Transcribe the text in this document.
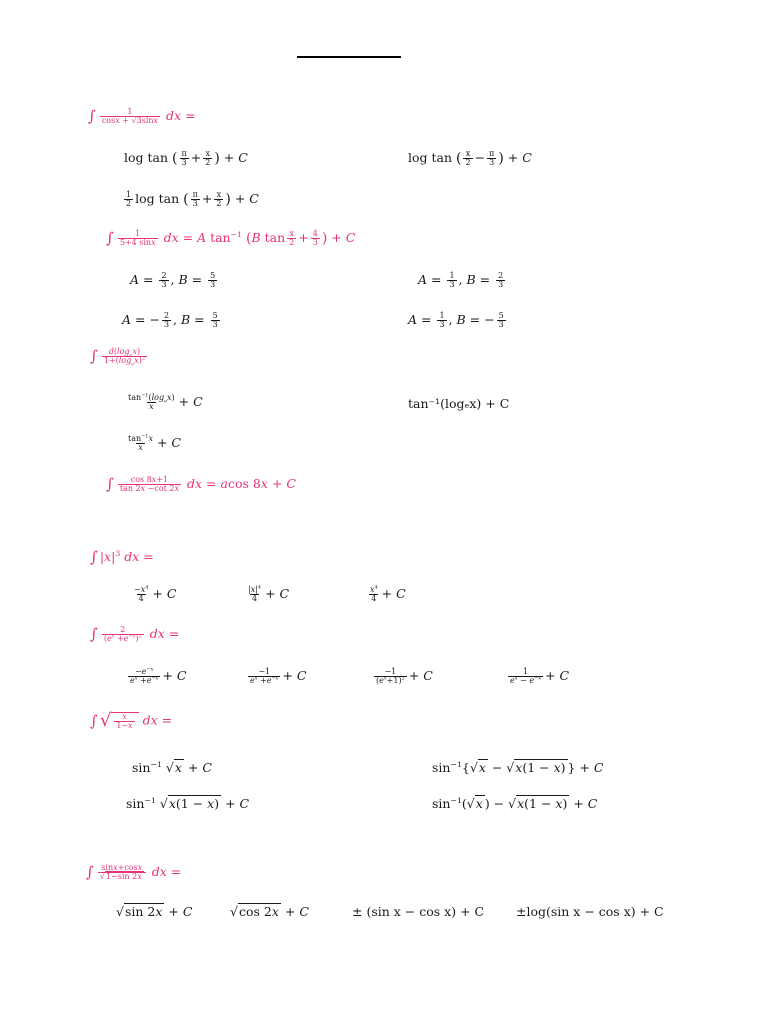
∫ $\frac{1}{\cos x + √3\sin x}$ dx =
log tan ( $\frac{\pi}{3} + \frac{x}{2}$ ) + C	log tan ( $\frac{x}{2} - \frac{\pi}{3}$ ) + C
$\frac{1}{2}$ log tan ( $\frac{\pi}{3} + \frac{x}{2}$ ) + C
∫ $\frac{1}{5+4 \sin x}$ dx = A $\tan^{-1} (B$ $\tan \frac{x}{2} + \frac{4}{3}$ ) + C
$A = \frac{2}{3}$ , $B = \frac{5}{3}$	$A = \frac{1}{3}$ , $B = \frac{2}{3}$
A = − $\frac{2}{3}$ , $B = \frac{5}{3}$	$A = \frac{1}{3}$ , B = − $\frac{5}{3}$
∫ $\frac{d(\log_ex)}{1+(\log_ex)^2}$
$\frac{\tan^{-1}(\log_ex)}{x} + C$	tan⁻¹(logₑx) + C
$\frac{\tan^{-1}x}{x} + C$
∫ $\frac{\cos 8x+1}{\tan 2x -\cot 2x}$ dx = acos 8x + C
∫ $|x|^3$ dx =
$\frac{-x^4}{4} + C$	$\frac{|x|^4}{4} + C$	$\frac{x^4}{4} + C$
∫ $\frac{2}{(e^x +e^{-x})^2}$ dx =
$\frac{-e^{-x}}{e^x +e^{-x}} + C$	$\frac{-1}{e^x +e^{-x}} + C$	$\frac{-1}{(e^x+1)^2} + C$	$\frac{1}{e^x - e^{-x}} + C$
∫ √ $\frac{x}{1-x}$ dx =
$\sin^{-1} √x + C$	$\sin^{-1}\{√x - √x(1 - x)$ } + C
$\sin^{-1} √x(1 - x) + C$	$\sin^{-1}(√x$ ) − √x(1 − x) + C
∫ $\frac{\sin x+\cos x}{√1-\sin 2x}$ dx =
√sin 2x + C	√cos 2x + C	± (sin x − cos x) + C	±log(sin x − cos x) + C
